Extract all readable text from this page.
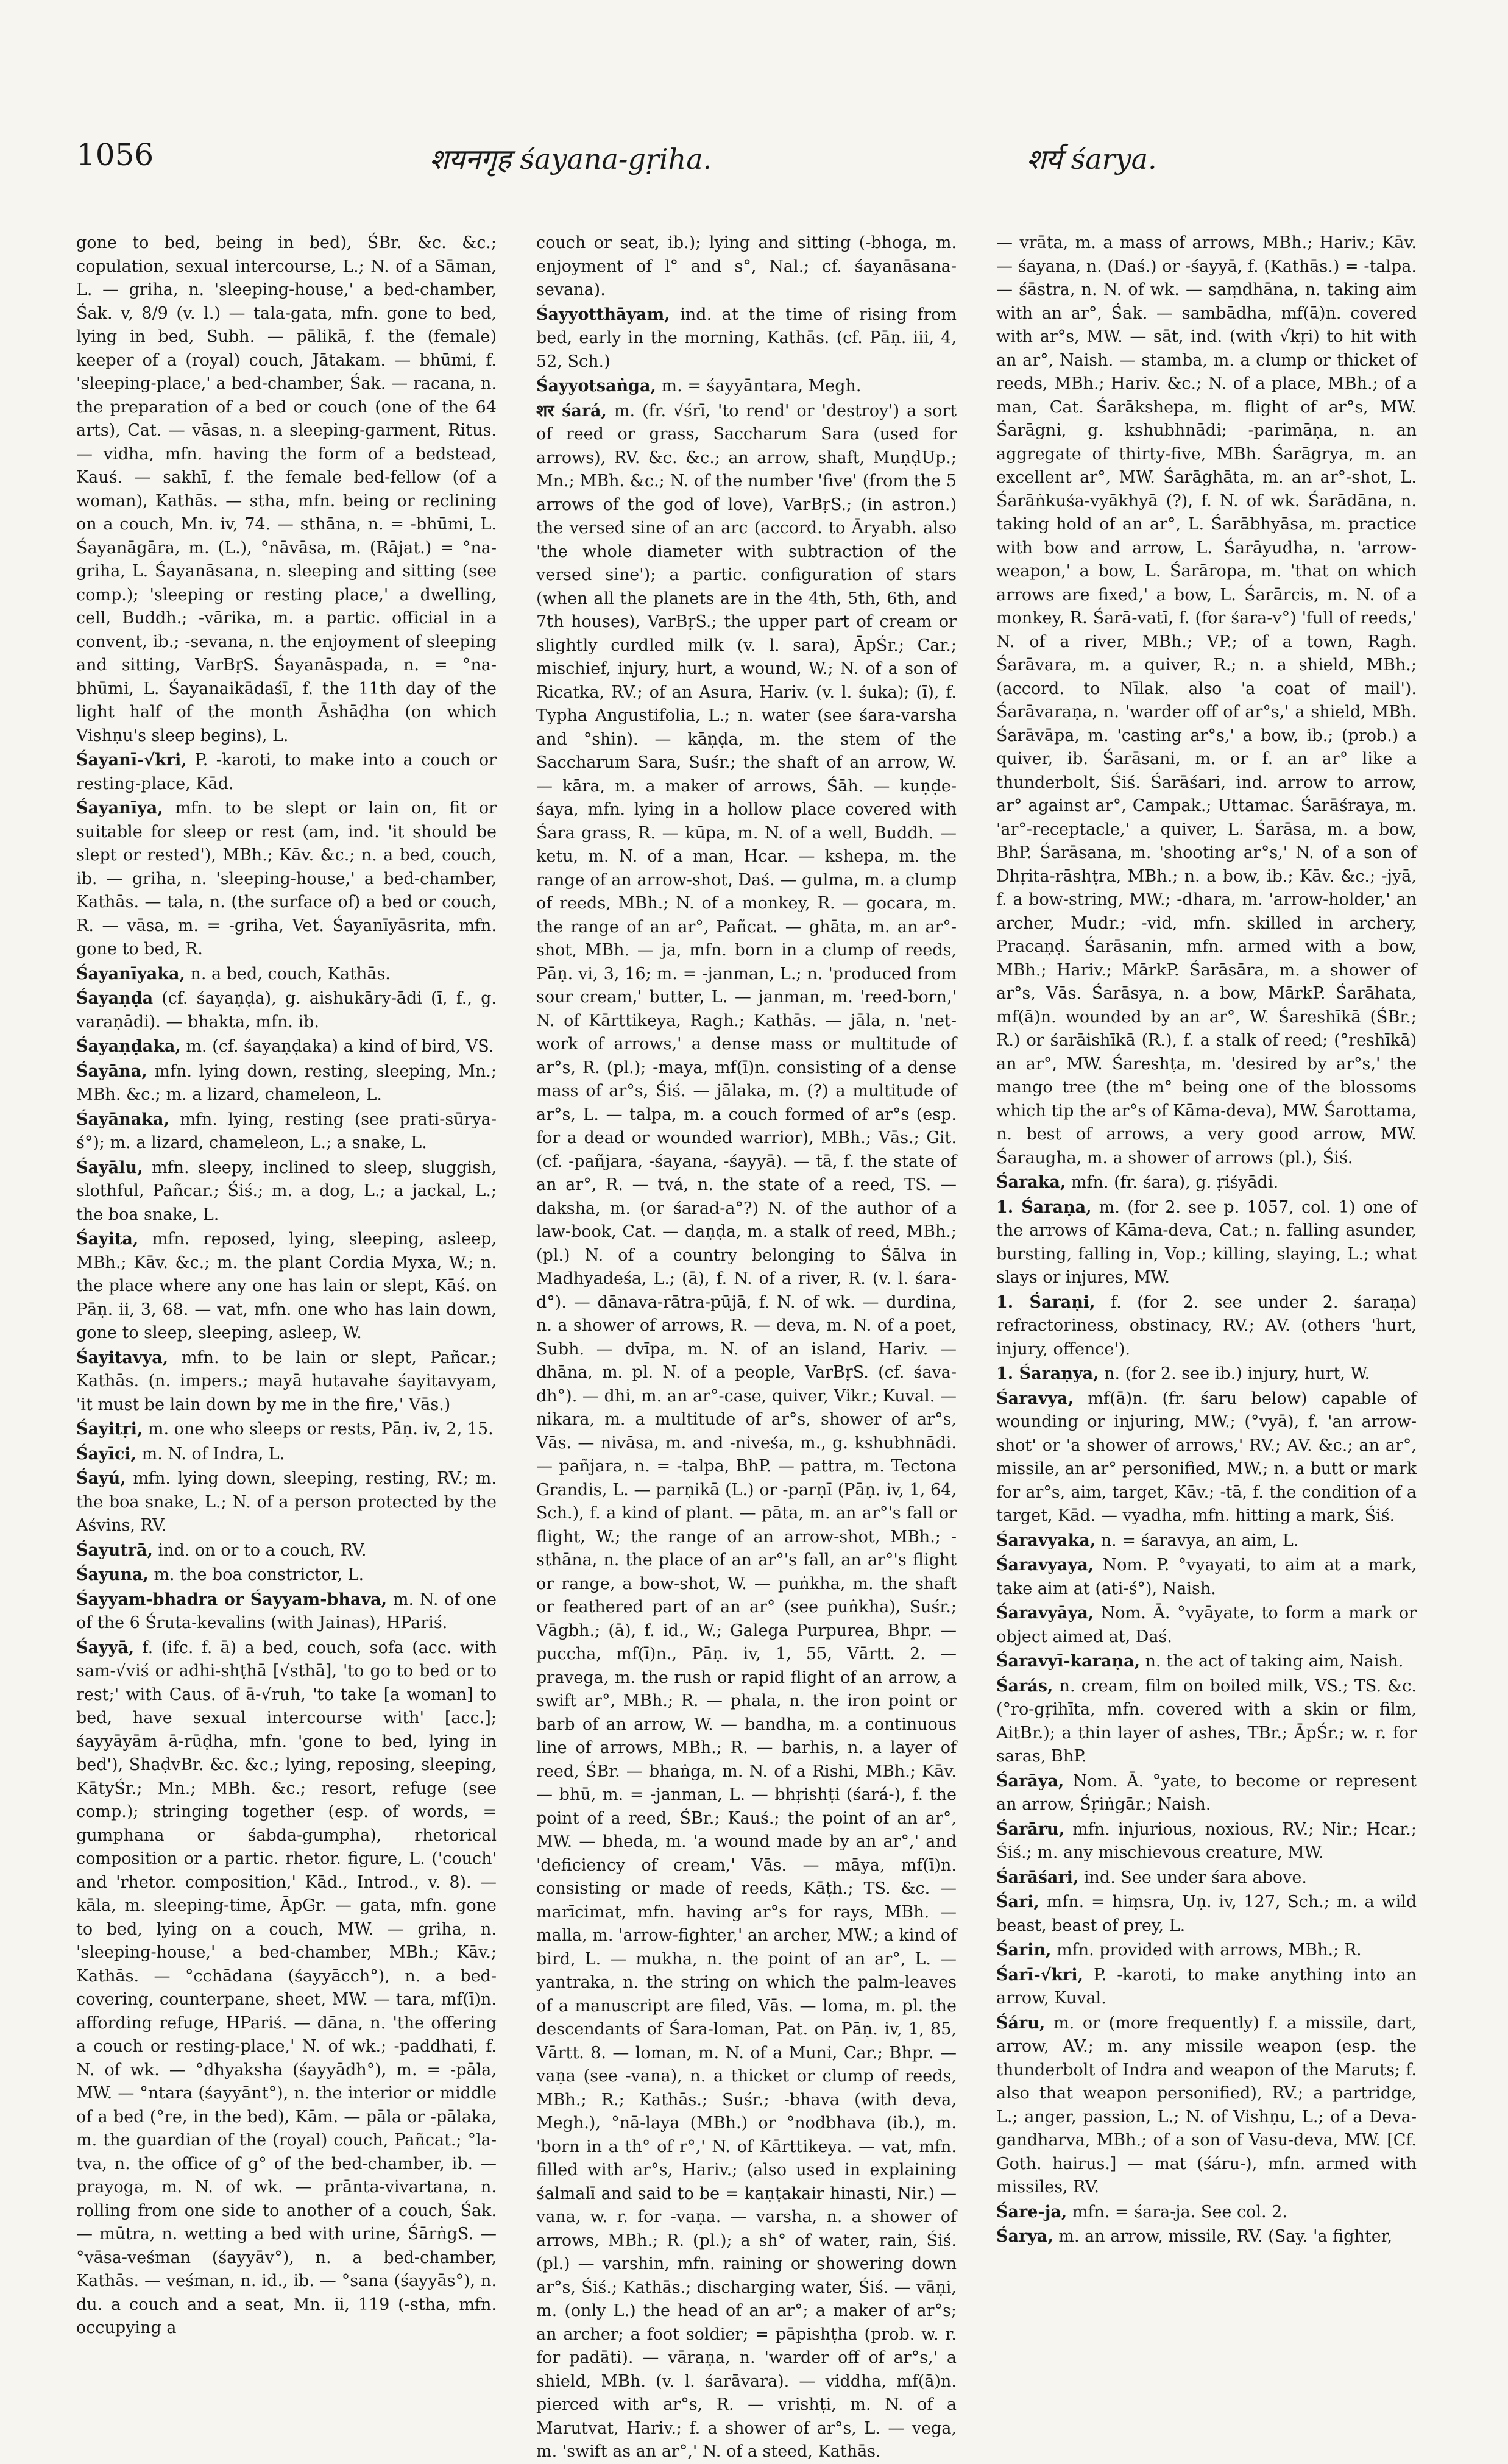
1056	शयनगृह śayana-gṛiha.	शर्य śarya.

gone to bed, being in bed), ŚBr. &c. &c.; copulation, sexual intercourse, L.; N. of a Sāman, L. — griha, n. 'sleeping-house,' a bed-chamber, Śak. v, 8/9 (v. l.) — tala-gata, mfn. gone to bed, lying in bed, Subh. — pālikā, f. the (female) keeper of a (royal) couch, Jātakam. — bhūmi, f. 'sleeping-place,' a bed-chamber, Śak. — racana, n. the preparation of a bed or couch (one of the 64 arts), Cat. — vāsas, n. a sleeping-garment, Ritus. — vidha, mfn. having the form of a bedstead, Kauś. — sakhī, f. the female bed-fellow (of a woman), Kathās. — stha, mfn. being or reclining on a couch, Mn. iv, 74. — sthāna, n. = -bhūmi, L. Śayanāgāra, m. (L.), °nāvāsa, m. (Rājat.) = °na-griha, L. Śayanāsana, n. sleeping and sitting (see comp.); 'sleeping or resting place,' a dwelling, cell, Buddh.; -vārika, m. a partic. official in a convent, ib.; -sevana, n. the enjoyment of sleeping and sitting, VarBṛS. Śayanāspada, n. = °na-bhūmi, L. Śayanaikādaśī, f. the 11th day of the light half of the month Āshāḍha (on which Vishṇu's sleep begins), L.

Śayanī-√kri, P. -karoti, to make into a couch or resting-place, Kād.

Śayanīya, mfn. to be slept or lain on, fit or suitable for sleep or rest (am, ind. 'it should be slept or rested'), MBh.; Kāv. &c.; n. a bed, couch, ib. — griha, n. 'sleeping-house,' a bed-chamber, Kathās. — tala, n. (the surface of) a bed or couch, R. — vāsa, m. = -griha, Vet. Śayanīyāsrita, mfn. gone to bed, R.

Śayanīyaka, n. a bed, couch, Kathās.

Śayaṇḍa (cf. śayaṇḍa), g. aishukāry-ādi (ī, f., g. varaṇādi). — bhakta, mfn. ib.

Śayaṇḍaka, m. (cf. śayaṇḍaka) a kind of bird, VS.

Śayāna, mfn. lying down, resting, sleeping, Mn.; MBh. &c.; m. a lizard, chameleon, L.

Śayānaka, mfn. lying, resting (see prati-sūrya-ś°); m. a lizard, chameleon, L.; a snake, L.

Śayālu, mfn. sleepy, inclined to sleep, sluggish, slothful, Pañcar.; Śiś.; m. a dog, L.; a jackal, L.; the boa snake, L.

Śayita, mfn. reposed, lying, sleeping, asleep, MBh.; Kāv. &c.; m. the plant Cordia Myxa, W.; n. the place where any one has lain or slept, Kāś. on Pāṇ. ii, 3, 68. — vat, mfn. one who has lain down, gone to sleep, sleeping, asleep, W.

Śayitavya, mfn. to be lain or slept, Pañcar.; Kathās. (n. impers.; mayā hutavahe śayitavyam, 'it must be lain down by me in the fire,' Vās.)

Śayitṛi, m. one who sleeps or rests, Pāṇ. iv, 2, 15.

Śayīci, m. N. of Indra, L.

Śayú, mfn. lying down, sleeping, resting, RV.; m. the boa snake, L.; N. of a person protected by the Aśvins, RV.

Śayutrā, ind. on or to a couch, RV.

Śayuna, m. the boa constrictor, L.

Śayyam-bhadra or Śayyam-bhava, m. N. of one of the 6 Śruta-kevalins (with Jainas), HPariś.

Śayyā, f. (ifc. f. ā) a bed, couch, sofa (acc. with sam-√viś or adhi-shṭhā [√sthā], 'to go to bed or to rest;' with Caus. of ā-√ruh, 'to take [a woman] to bed, have sexual intercourse with' [acc.]; śayyāyām ā-rūḍha, mfn. 'gone to bed, lying in bed'), ShaḍvBr. &c. &c.; lying, reposing, sleeping, KātyŚr.; Mn.; MBh. &c.; resort, refuge (see comp.); stringing together (esp. of words, = gumphana or śabda-gumpha), rhetorical composition or a partic. rhetor. figure, L. ('couch' and 'rhetor. composition,' Kād., Introd., v. 8). — kāla, m. sleeping-time, ĀpGr. — gata, mfn. gone to bed, lying on a couch, MW. — griha, n. 'sleeping-house,' a bed-chamber, MBh.; Kāv.; Kathās. — °cchādana (śayyācch°), n. a bed-covering, counterpane, sheet, MW. — tara, mf(ī)n. affording refuge, HPariś. — dāna, n. 'the offering a couch or resting-place,' N. of wk.; -paddhati, f. N. of wk. — °dhyaksha (śayyādh°), m. = -pāla, MW. — °ntara (śayyānt°), n. the interior or middle of a bed (°re, in the bed), Kām. — pāla or -pālaka, m. the guardian of the (royal) couch, Pañcat.; °la-tva, n. the office of g° of the bed-chamber, ib. — prayoga, m. N. of wk. — prānta-vivartana, n. rolling from one side to another of a couch, Śak. — mūtra, n. wetting a bed with urine, ŚārṅgS. — °vāsa-veśman (śayyāv°), n. a bed-chamber, Kathās. — veśman, n. id., ib. — °sana (śayyās°), n. du. a couch and a seat, Mn. ii, 119 (-stha, mfn. occupying a

couch or seat, ib.); lying and sitting (-bhoga, m. enjoyment of l° and s°, Nal.; cf. śayanāsana-sevana).

Śayyotthāyam, ind. at the time of rising from bed, early in the morning, Kathās. (cf. Pāṇ. iii, 4, 52, Sch.)

Śayyotsaṅga, m. = śayyāntara, Megh.

शर śará, m. (fr. √śrī, 'to rend' or 'destroy') a sort of reed or grass, Saccharum Sara (used for arrows), RV. &c. &c.; an arrow, shaft, MuṇḍUp.; Mn.; MBh. &c.; N. of the number 'five' (from the 5 arrows of the god of love), VarBṛS.; (in astron.) the versed sine of an arc (accord. to Āryabh. also 'the whole diameter with subtraction of the versed sine'); a partic. configuration of stars (when all the planets are in the 4th, 5th, 6th, and 7th houses), VarBṛS.; the upper part of cream or slightly curdled milk (v. l. sara), ĀpŚr.; Car.; mischief, injury, hurt, a wound, W.; N. of a son of Ricatka, RV.; of an Asura, Hariv. (v. l. śuka); (ī), f. Typha Angustifolia, L.; n. water (see śara-varsha and °shin). — kāṇḍa, m. the stem of the Saccharum Sara, Suśr.; the shaft of an arrow, W. — kāra, m. a maker of arrows, Śāh. — kuṇḍe-śaya, mfn. lying in a hollow place covered with Śara grass, R. — kūpa, m. N. of a well, Buddh. — ketu, m. N. of a man, Hcar. — kshepa, m. the range of an arrow-shot, Daś. — gulma, m. a clump of reeds, MBh.; N. of a monkey, R. — gocara, m. the range of an ar°, Pañcat. — ghāta, m. an ar°-shot, MBh. — ja, mfn. born in a clump of reeds, Pāṇ. vi, 3, 16; m. = -janman, L.; n. 'produced from sour cream,' butter, L. — janman, m. 'reed-born,' N. of Kārttikeya, Ragh.; Kathās. — jāla, n. 'net-work of arrows,' a dense mass or multitude of ar°s, R. (pl.); -maya, mf(ī)n. consisting of a dense mass of ar°s, Śiś. — jālaka, m. (?) a multitude of ar°s, L. — talpa, m. a couch formed of ar°s (esp. for a dead or wounded warrior), MBh.; Vās.; Git. (cf. -pañjara, -śayana, -śayyā). — tā, f. the state of an ar°, R. — tvá, n. the state of a reed, TS. — daksha, m. (or śarad-a°?) N. of the author of a law-book, Cat. — daṇḍa, m. a stalk of reed, MBh.; (pl.) N. of a country belonging to Śālva in Madhyadeśa, L.; (ā), f. N. of a river, R. (v. l. śara-d°). — dānava-rātra-pūjā, f. N. of wk. — durdina, n. a shower of arrows, R. — deva, m. N. of a poet, Subh. — dvīpa, m. N. of an island, Hariv. — dhāna, m. pl. N. of a people, VarBṛS. (cf. śava-dh°). — dhi, m. an ar°-case, quiver, Vikr.; Kuval. — nikara, m. a multitude of ar°s, shower of ar°s, Vās. — nivāsa, m. and -niveśa, m., g. kshubhnādi. — pañjara, n. = -talpa, BhP. — pattra, m. Tectona Grandis, L. — parṇikā (L.) or -parṇī (Pāṇ. iv, 1, 64, Sch.), f. a kind of plant. — pāta, m. an ar°'s fall or flight, W.; the range of an arrow-shot, MBh.; -sthāna, n. the place of an ar°'s fall, an ar°'s flight or range, a bow-shot, W. — puṅkha, m. the shaft or feathered part of an ar° (see puṅkha), Suśr.; Vāgbh.; (ā), f. id., W.; Galega Purpurea, Bhpr. — puccha, mf(ī)n., Pāṇ. iv, 1, 55, Vārtt. 2. — pravega, m. the rush or rapid flight of an arrow, a swift ar°, MBh.; R. — phala, n. the iron point or barb of an arrow, W. — bandha, m. a continuous line of arrows, MBh.; R. — barhis, n. a layer of reed, ŚBr. — bhaṅga, m. N. of a Rishi, MBh.; Kāv. — bhū, m. = -janman, L. — bhṛishṭi (śará-), f. the point of a reed, ŚBr.; Kauś.; the point of an ar°, MW. — bheda, m. 'a wound made by an ar°,' and 'deficiency of cream,' Vās. — māya, mf(ī)n. consisting or made of reeds, Kāṭh.; TS. &c. — marīcimat, mfn. having ar°s for rays, MBh. — malla, m. 'arrow-fighter,' an archer, MW.; a kind of bird, L. — mukha, n. the point of an ar°, L. — yantraka, n. the string on which the palm-leaves of a manuscript are filed, Vās. — loma, m. pl. the descendants of Śara-loman, Pat. on Pāṇ. iv, 1, 85, Vārtt. 8. — loman, m. N. of a Muni, Car.; Bhpr. — vaṇa (see -vana), n. a thicket or clump of reeds, MBh.; R.; Kathās.; Suśr.; -bhava (with deva, Megh.), °nā-laya (MBh.) or °nodbhava (ib.), m. 'born in a th° of r°,' N. of Kārttikeya. — vat, mfn. filled with ar°s, Hariv.; (also used in explaining śalmalī and said to be = kaṇṭakair hinasti, Nir.) — vana, w. r. for -vaṇa. — varsha, n. a shower of arrows, MBh.; R. (pl.); a sh° of water, rain, Śiś. (pl.) — varshin, mfn. raining or showering down ar°s, Śiś.; Kathās.; discharging water, Śiś. — vāṇi, m. (only L.) the head of an ar°; a maker of ar°s; an archer; a foot soldier; = pāpishṭha (prob. w. r. for padāti). — vāraṇa, n. 'warder off of ar°s,' a shield, MBh. (v. l. śarāvara). — viddha, mf(ā)n. pierced with ar°s, R. — vrishṭi, m. N. of a Marutvat, Hariv.; f. a shower of ar°s, L. — vega, m. 'swift as an ar°,' N. of a steed, Kathās.

— vrāta, m. a mass of arrows, MBh.; Hariv.; Kāv. — śayana, n. (Daś.) or -śayyā, f. (Kathās.) = -talpa. — śāstra, n. N. of wk. — saṃdhāna, n. taking aim with an ar°, Śak. — sambādha, mf(ā)n. covered with ar°s, MW. — sāt, ind. (with √kṛi) to hit with an ar°, Naish. — stamba, m. a clump or thicket of reeds, MBh.; Hariv. &c.; N. of a place, MBh.; of a man, Cat. Śarākshepa, m. flight of ar°s, MW. Śarāgni, g. kshubhnādi; -parimāṇa, n. an aggregate of thirty-five, MBh. Śarāgrya, m. an excellent ar°, MW. Śarāghāta, m. an ar°-shot, L. Śarāṅkuśa-vyākhyā (?), f. N. of wk. Śarādāna, n. taking hold of an ar°, L. Śarābhyāsa, m. practice with bow and arrow, L. Śarāyudha, n. 'arrow-weapon,' a bow, L. Śarāropa, m. 'that on which arrows are fixed,' a bow, L. Śarārcis, m. N. of a monkey, R. Śarā-vatī, f. (for śara-v°) 'full of reeds,' N. of a river, MBh.; VP.; of a town, Ragh. Śarāvara, m. a quiver, R.; n. a shield, MBh.; (accord. to Nīlak. also 'a coat of mail'). Śarāvaraṇa, n. 'warder off of ar°s,' a shield, MBh. Śarāvāpa, m. 'casting ar°s,' a bow, ib.; (prob.) a quiver, ib. Śarāsani, m. or f. an ar° like a thunderbolt, Śiś. Śarāśari, ind. arrow to arrow, ar° against ar°, Campak.; Uttamac. Śarāśraya, m. 'ar°-receptacle,' a quiver, L. Śarāsa, m. a bow, BhP. Śarāsana, m. 'shooting ar°s,' N. of a son of Dhṛita-rāshṭra, MBh.; n. a bow, ib.; Kāv. &c.; -jyā, f. a bow-string, MW.; -dhara, m. 'arrow-holder,' an archer, Mudr.; -vid, mfn. skilled in archery, Pracaṇḍ. Śarāsanin, mfn. armed with a bow, MBh.; Hariv.; MārkP. Śarāsāra, m. a shower of ar°s, Vās. Śarāsya, n. a bow, MārkP. Śarāhata, mf(ā)n. wounded by an ar°, W. Śareshīkā (ŚBr.; R.) or śarāishīkā (R.), f. a stalk of reed; (°reshīkā) an ar°, MW. Śareshṭa, m. 'desired by ar°s,' the mango tree (the m° being one of the blossoms which tip the ar°s of Kāma-deva), MW. Śarottama, n. best of arrows, a very good arrow, MW. Śaraugha, m. a shower of arrows (pl.), Śiś.

Śaraka, mfn. (fr. śara), g. ṛiśyādi.

1. Śaraṇa, m. (for 2. see p. 1057, col. 1) one of the arrows of Kāma-deva, Cat.; n. falling asunder, bursting, falling in, Vop.; killing, slaying, L.; what slays or injures, MW.

1. Śaraṇi, f. (for 2. see under 2. śaraṇa) refractoriness, obstinacy, RV.; AV. (others 'hurt, injury, offence').

1. Śaraṇya, n. (for 2. see ib.) injury, hurt, W.

Śaravya, mf(ā)n. (fr. śaru below) capable of wounding or injuring, MW.; (°vyā), f. 'an arrow-shot' or 'a shower of arrows,' RV.; AV. &c.; an ar°, missile, an ar° personified, MW.; n. a butt or mark for ar°s, aim, target, Kāv.; -tā, f. the condition of a target, Kād. — vyadha, mfn. hitting a mark, Śiś.

Śaravyaka, n. = śaravya, an aim, L.

Śaravyaya, Nom. P. °vyayati, to aim at a mark, take aim at (ati-ś°), Naish.

Śaravyāya, Nom. Ā. °vyāyate, to form a mark or object aimed at, Daś.

Śaravyī-karaṇa, n. the act of taking aim, Naish.

Śarás, n. cream, film on boiled milk, VS.; TS. &c. (°ro-gṛihīta, mfn. covered with a skin or film, AitBr.); a thin layer of ashes, TBr.; ĀpŚr.; w. r. for saras, BhP.

Śarāya, Nom. Ā. °yate, to become or represent an arrow, Śṛiṅgār.; Naish.

Śarāru, mfn. injurious, noxious, RV.; Nir.; Hcar.; Śiś.; m. any mischievous creature, MW.

Śarāśari, ind. See under śara above.

Śari, mfn. = hiṃsra, Uṇ. iv, 127, Sch.; m. a wild beast, beast of prey, L.

Śarin, mfn. provided with arrows, MBh.; R.

Śarī-√kri, P. -karoti, to make anything into an arrow, Kuval.

Śáru, m. or (more frequently) f. a missile, dart, arrow, AV.; m. any missile weapon (esp. the thunderbolt of Indra and weapon of the Maruts; f. also that weapon personified), RV.; a partridge, L.; anger, passion, L.; N. of Vishṇu, L.; of a Deva-gandharva, MBh.; of a son of Vasu-deva, MW. [Cf. Goth. hairus.] — mat (śáru-), mfn. armed with missiles, RV.

Śare-ja, mfn. = śara-ja. See col. 2.

Śarya, m. an arrow, missile, RV. (Say. 'a fighter,
